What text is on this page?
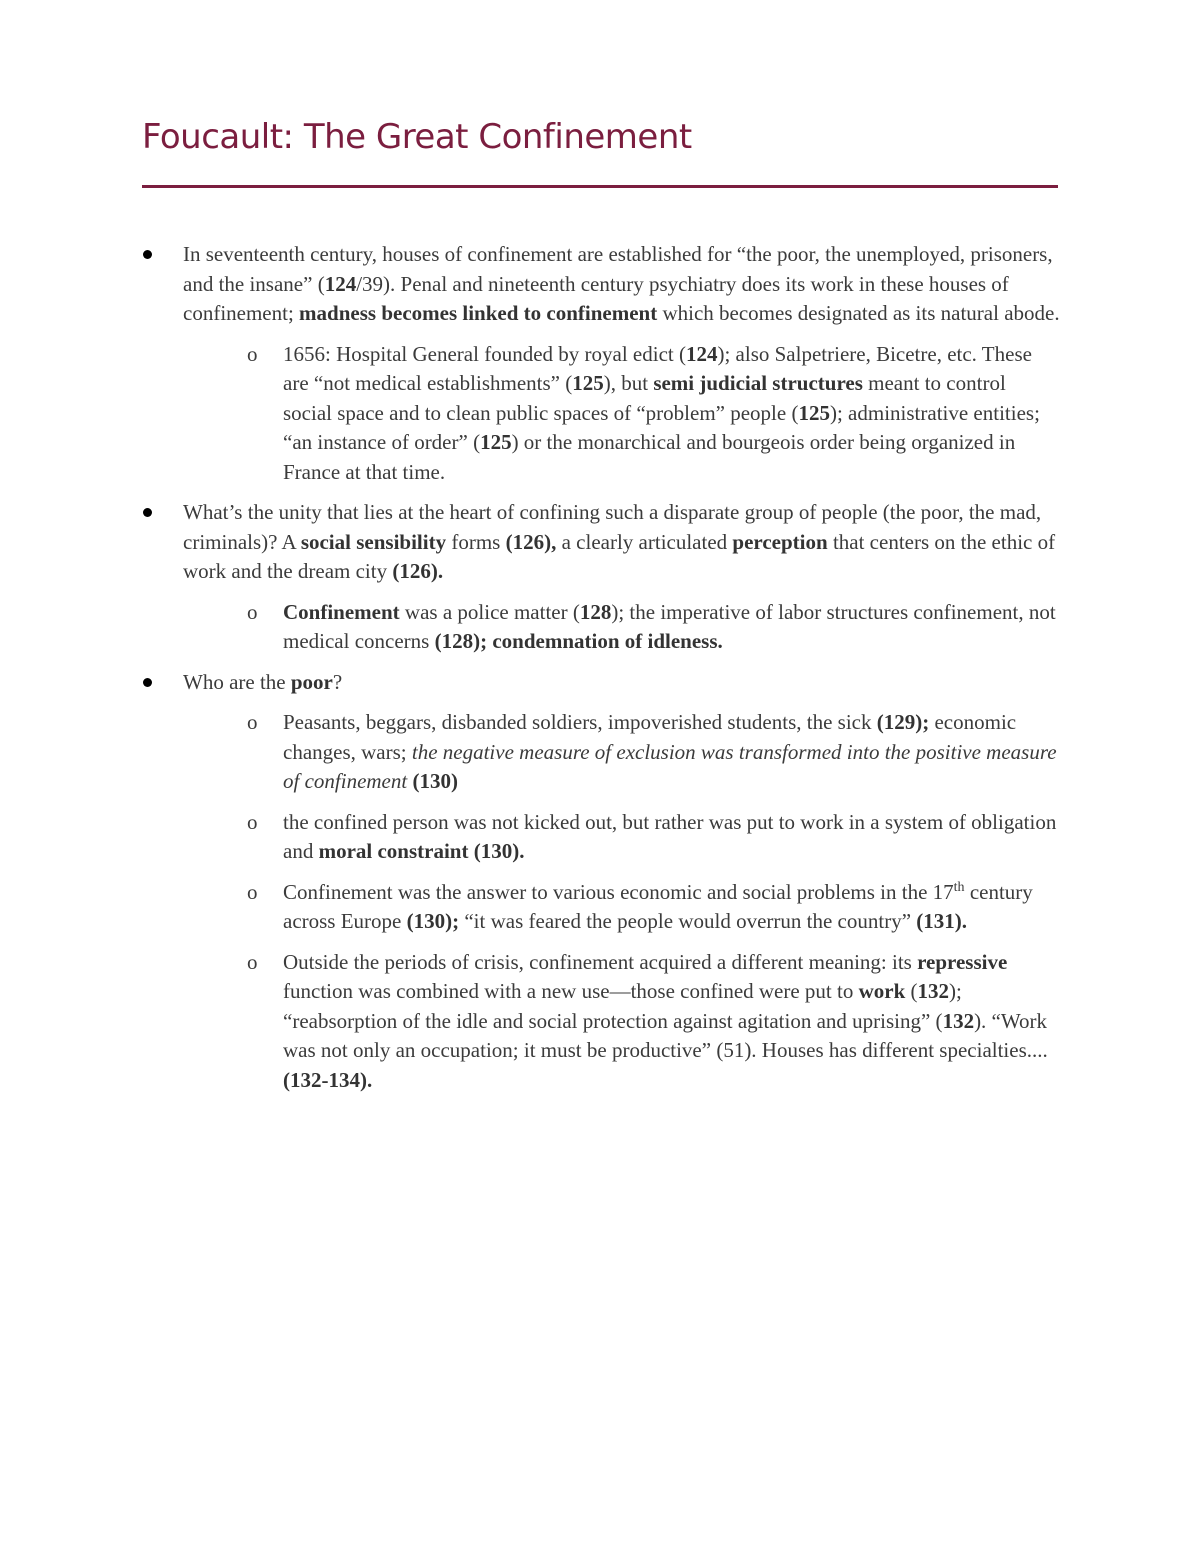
Foucault: The Great Confinement
In seventeenth century, houses of confinement are established for “the poor, the unemployed, prisoners, and the insane” (124/39). Penal and nineteenth century psychiatry does its work in these houses of confinement; madness becomes linked to confinement which becomes designated as its natural abode.
o 1656: Hospital General founded by royal edict (124); also Salpetriere, Bicetre, etc. These are “not medical establishments” (125), but semi judicial structures meant to control social space and to clean public spaces of “problem” people (125); administrative entities; “an instance of order” (125) or the monarchical and bourgeois order being organized in France at that time.
What’s the unity that lies at the heart of confining such a disparate group of people (the poor, the mad, criminals)? A social sensibility forms (126), a clearly articulated perception that centers on the ethic of work and the dream city (126).
o Confinement was a police matter (128); the imperative of labor structures confinement, not medical concerns (128); condemnation of idleness.
Who are the poor?
o Peasants, beggars, disbanded soldiers, impoverished students, the sick (129); economic changes, wars; the negative measure of exclusion was transformed into the positive measure of confinement (130)
o the confined person was not kicked out, but rather was put to work in a system of obligation and moral constraint (130).
o Confinement was the answer to various economic and social problems in the 17th century across Europe (130); “it was feared the people would overrun the country” (131).
o Outside the periods of crisis, confinement acquired a different meaning: its repressive function was combined with a new use—those confined were put to work (132); “reabsorption of the idle and social protection against agitation and uprising” (132). “Work was not only an occupation; it must be productive” (51). Houses has different specialties.... (132-134).
